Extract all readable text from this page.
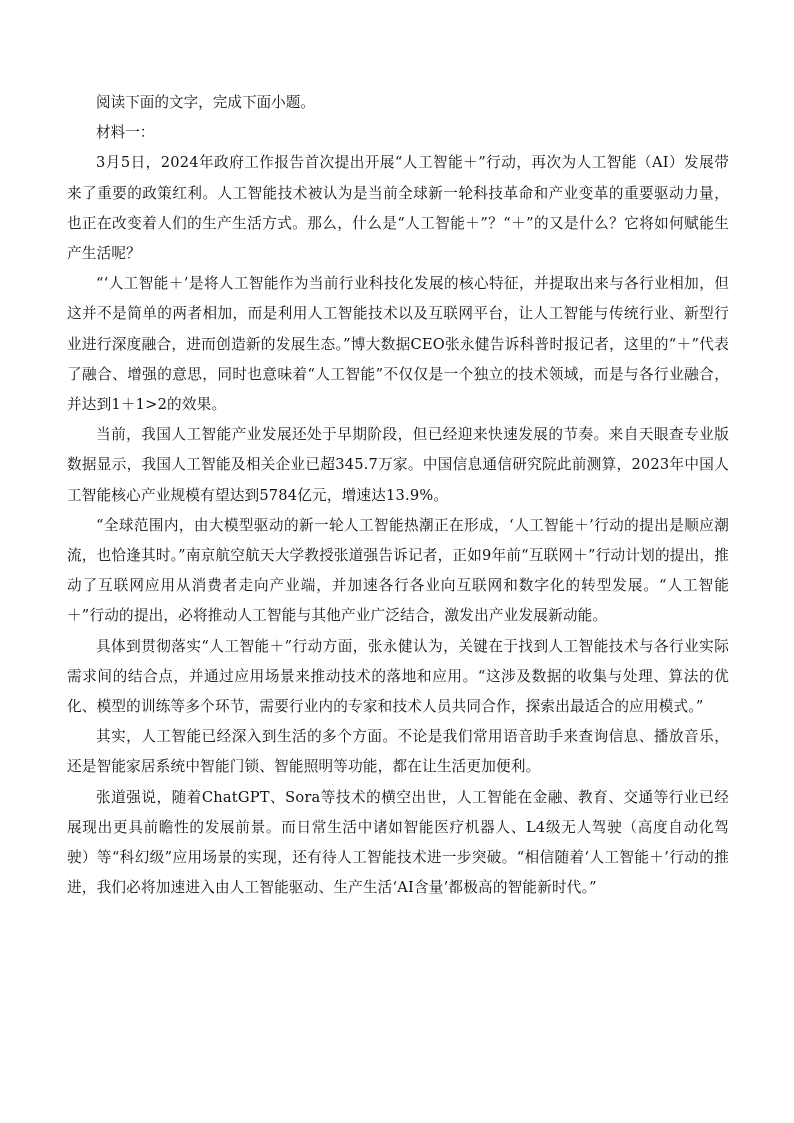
阅读下面的文字，完成下面小题。

材料一：

3月5日，2024年政府工作报告首次提出开展“人工智能＋”行动，再次为人工智能（AI）发展带来了重要的政策红利。人工智能技术被认为是当前全球新一轮科技革命和产业变革的重要驱动力量，也正在改变着人们的生产生活方式。那么，什么是“人工智能＋”？“＋”的又是什么？它将如何赋能生产生活呢？

“‘人工智能＋’是将人工智能作为当前行业科技化发展的核心特征，并提取出来与各行业相加，但这并不是简单的两者相加，而是利用人工智能技术以及互联网平台，让人工智能与传统行业、新型行业进行深度融合，进而创造新的发展生态。”博大数据CEO张永健告诉科普时报记者，这里的“＋”代表了融合、增强的意思，同时也意味着“人工智能”不仅仅是一个独立的技术领域，而是与各行业融合，并达到1＋1>2的效果。

当前，我国人工智能产业发展还处于早期阶段，但已经迎来快速发展的节奏。来自天眼查专业版数据显示，我国人工智能及相关企业已超345.7万家。中国信息通信研究院此前测算，2023年中国人工智能核心产业规模有望达到5784亿元，增速达13.9%。

“全球范围内，由大模型驱动的新一轮人工智能热潮正在形成，‘人工智能＋’行动的提出是顺应潮流，也恰逢其时。”南京航空航天大学教授张道强告诉记者，正如9年前“互联网＋”行动计划的提出，推动了互联网应用从消费者走向产业端，并加速各行各业向互联网和数字化的转型发展。“人工智能＋”行动的提出，必将推动人工智能与其他产业广泛结合，激发出产业发展新动能。

具体到贯彻落实“人工智能＋”行动方面，张永健认为，关键在于找到人工智能技术与各行业实际需求间的结合点，并通过应用场景来推动技术的落地和应用。“这涉及数据的收集与处理、算法的优化、模型的训练等多个环节，需要行业内的专家和技术人员共同合作，探索出最适合的应用模式。”

其实，人工智能已经深入到生活的多个方面。不论是我们常用语音助手来查询信息、播放音乐，还是智能家居系统中智能门锁、智能照明等功能，都在让生活更加便利。

张道强说，随着ChatGPT、Sora等技术的横空出世，人工智能在金融、教育、交通等行业已经展现出更具前瞻性的发展前景。而日常生活中诸如智能医疗机器人、L4级无人驾驶（高度自动化驾驶）等“科幻级”应用场景的实现，还有待人工智能技术进一步突破。“相信随着‘人工智能＋’行动的推进，我们必将加速进入由人工智能驱动、生产生活‘AI含量’都极高的智能新时代。”
